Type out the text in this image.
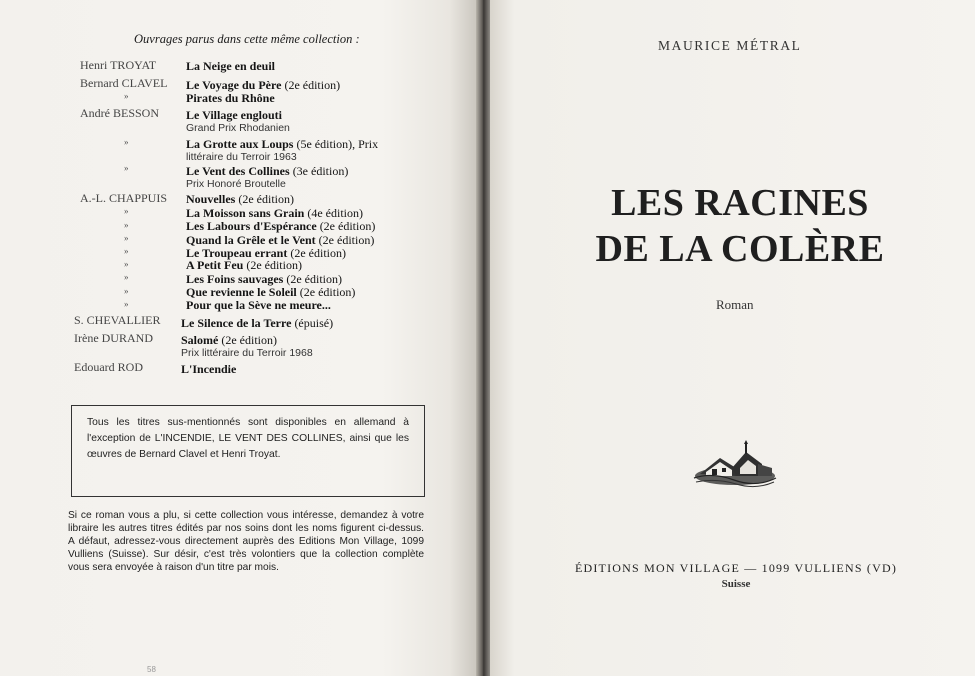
Ouvrages parus dans cette même collection :
Henri TROYAT La Neige en deuil
Bernard CLAVEL Le Voyage du Père (2e édition)
»	Pirates du Rhône
André BESSON Le Village englouti
Grand Prix Rhodanien
»	La Grotte aux Loups (5e édition), Prix
littéraire du Terroir 1963
»	Le Vent des Collines (3e édition)
Prix Honoré Broutelle
A.-L. CHAPPUIS Nouvelles (2e édition)
»	La Moisson sans Grain (4e édition)
»	Les Labours d'Espérance (2e édition)
»	Quand la Grêle et le Vent (2e édition)
»	Le Troupeau errant (2e édition)
»	A Petit Feu (2e édition)
»	Les Foins sauvages (2e édition)
»	Que revienne le Soleil (2e édition)
»	Pour que la Sève ne meure...
S. CHEVALLIER Le Silence de la Terre (épuisé)
Irène DURAND Salomé (2e édition)
Prix littéraire du Terroir 1968
Edouard ROD	L'Incendie
Tous les titres sus-mentionnés sont disponibles en allemand à l'exception de L'INCENDIE, LE VENT DES COLLINES, ainsi que les œuvres de Bernard Clavel et Henri Troyat.
Si ce roman vous a plu, si cette collection vous intéresse, demandez à votre libraire les autres titres édités par nos soins dont les noms figurent ci-dessus. A défaut, adressez-vous directement auprès des Editions Mon Village, 1099 Vulliens (Suisse). Sur désir, c'est très volontiers que la collection complète vous sera envoyée à raison d'un titre par mois.
58
MAURICE MÉTRAL
LES RACINES
DE LA COLÈRE
Roman
ÉDITIONS MON VILLAGE — 1099 VULLIENS (VD)
Suisse
